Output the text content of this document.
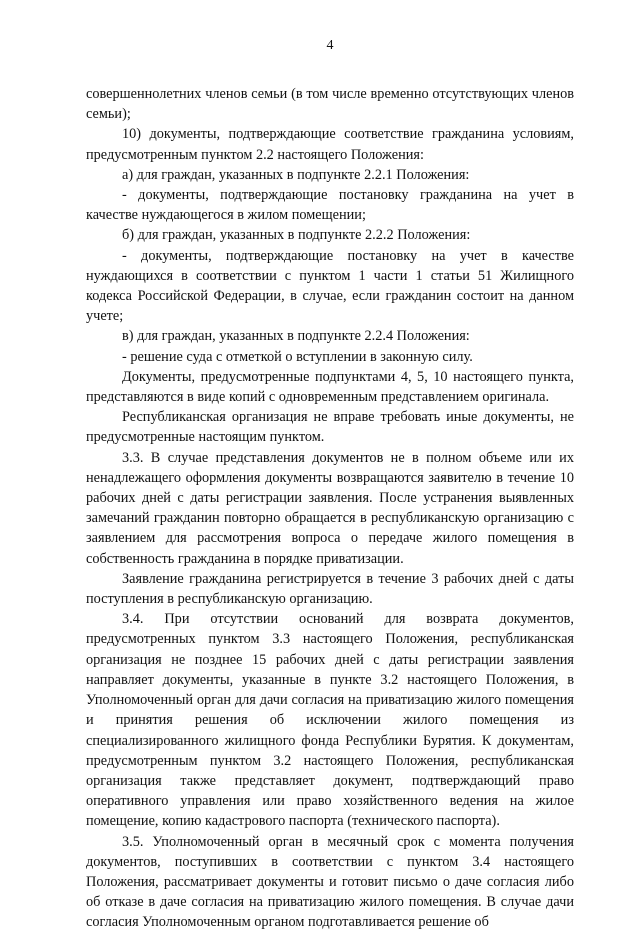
4

совершеннолетних членов семьи (в том числе временно отсутствующих членов семьи);

10) документы, подтверждающие соответствие гражданина условиям, предусмотренным пунктом 2.2 настоящего Положения:

а) для граждан, указанных в подпункте 2.2.1 Положения:

- документы, подтверждающие постановку гражданина на учет в качестве нуждающегося в жилом помещении;

б) для граждан, указанных в подпункте 2.2.2 Положения:

- документы, подтверждающие постановку на учет в качестве нуждающихся в соответствии с пунктом 1 части 1 статьи 51 Жилищного кодекса Российской Федерации, в случае, если гражданин состоит на данном учете;

в) для граждан, указанных в подпункте 2.2.4 Положения:

- решение суда с отметкой о вступлении в законную силу.

Документы, предусмотренные подпунктами 4, 5, 10 настоящего пункта, представляются в виде копий с одновременным представлением оригинала.

Республиканская организация не вправе требовать иные документы, не предусмотренные настоящим пунктом.

3.3. В случае представления документов не в полном объеме или их ненадлежащего оформления документы возвращаются заявителю в течение 10 рабочих дней с даты регистрации заявления. После устранения выявленных замечаний гражданин повторно обращается в республиканскую организацию с заявлением для рассмотрения вопроса о передаче жилого помещения в собственность гражданина в порядке приватизации.

Заявление гражданина регистрируется в течение 3 рабочих дней с даты поступления в республиканскую организацию.

3.4. При отсутствии оснований для возврата документов, предусмотренных пунктом 3.3 настоящего Положения, республиканская организация не позднее 15 рабочих дней с даты регистрации заявления направляет документы, указанные в пункте 3.2 настоящего Положения, в Уполномоченный орган для дачи согласия на приватизацию жилого помещения и принятия решения об исключении жилого помещения из специализированного жилищного фонда Республики Бурятия. К документам, предусмотренным пунктом 3.2 настоящего Положения, республиканская организация также представляет документ, подтверждающий право оперативного управления или право хозяйственного ведения на жилое помещение, копию кадастрового паспорта (технического паспорта).

3.5. Уполномоченный орган в месячный срок с момента получения документов, поступивших в соответствии с пунктом 3.4 настоящего Положения, рассматривает документы и готовит письмо о даче согласия либо об отказе в даче согласия на приватизацию жилого помещения. В случае дачи согласия Уполномоченным органом подготавливается решение об
